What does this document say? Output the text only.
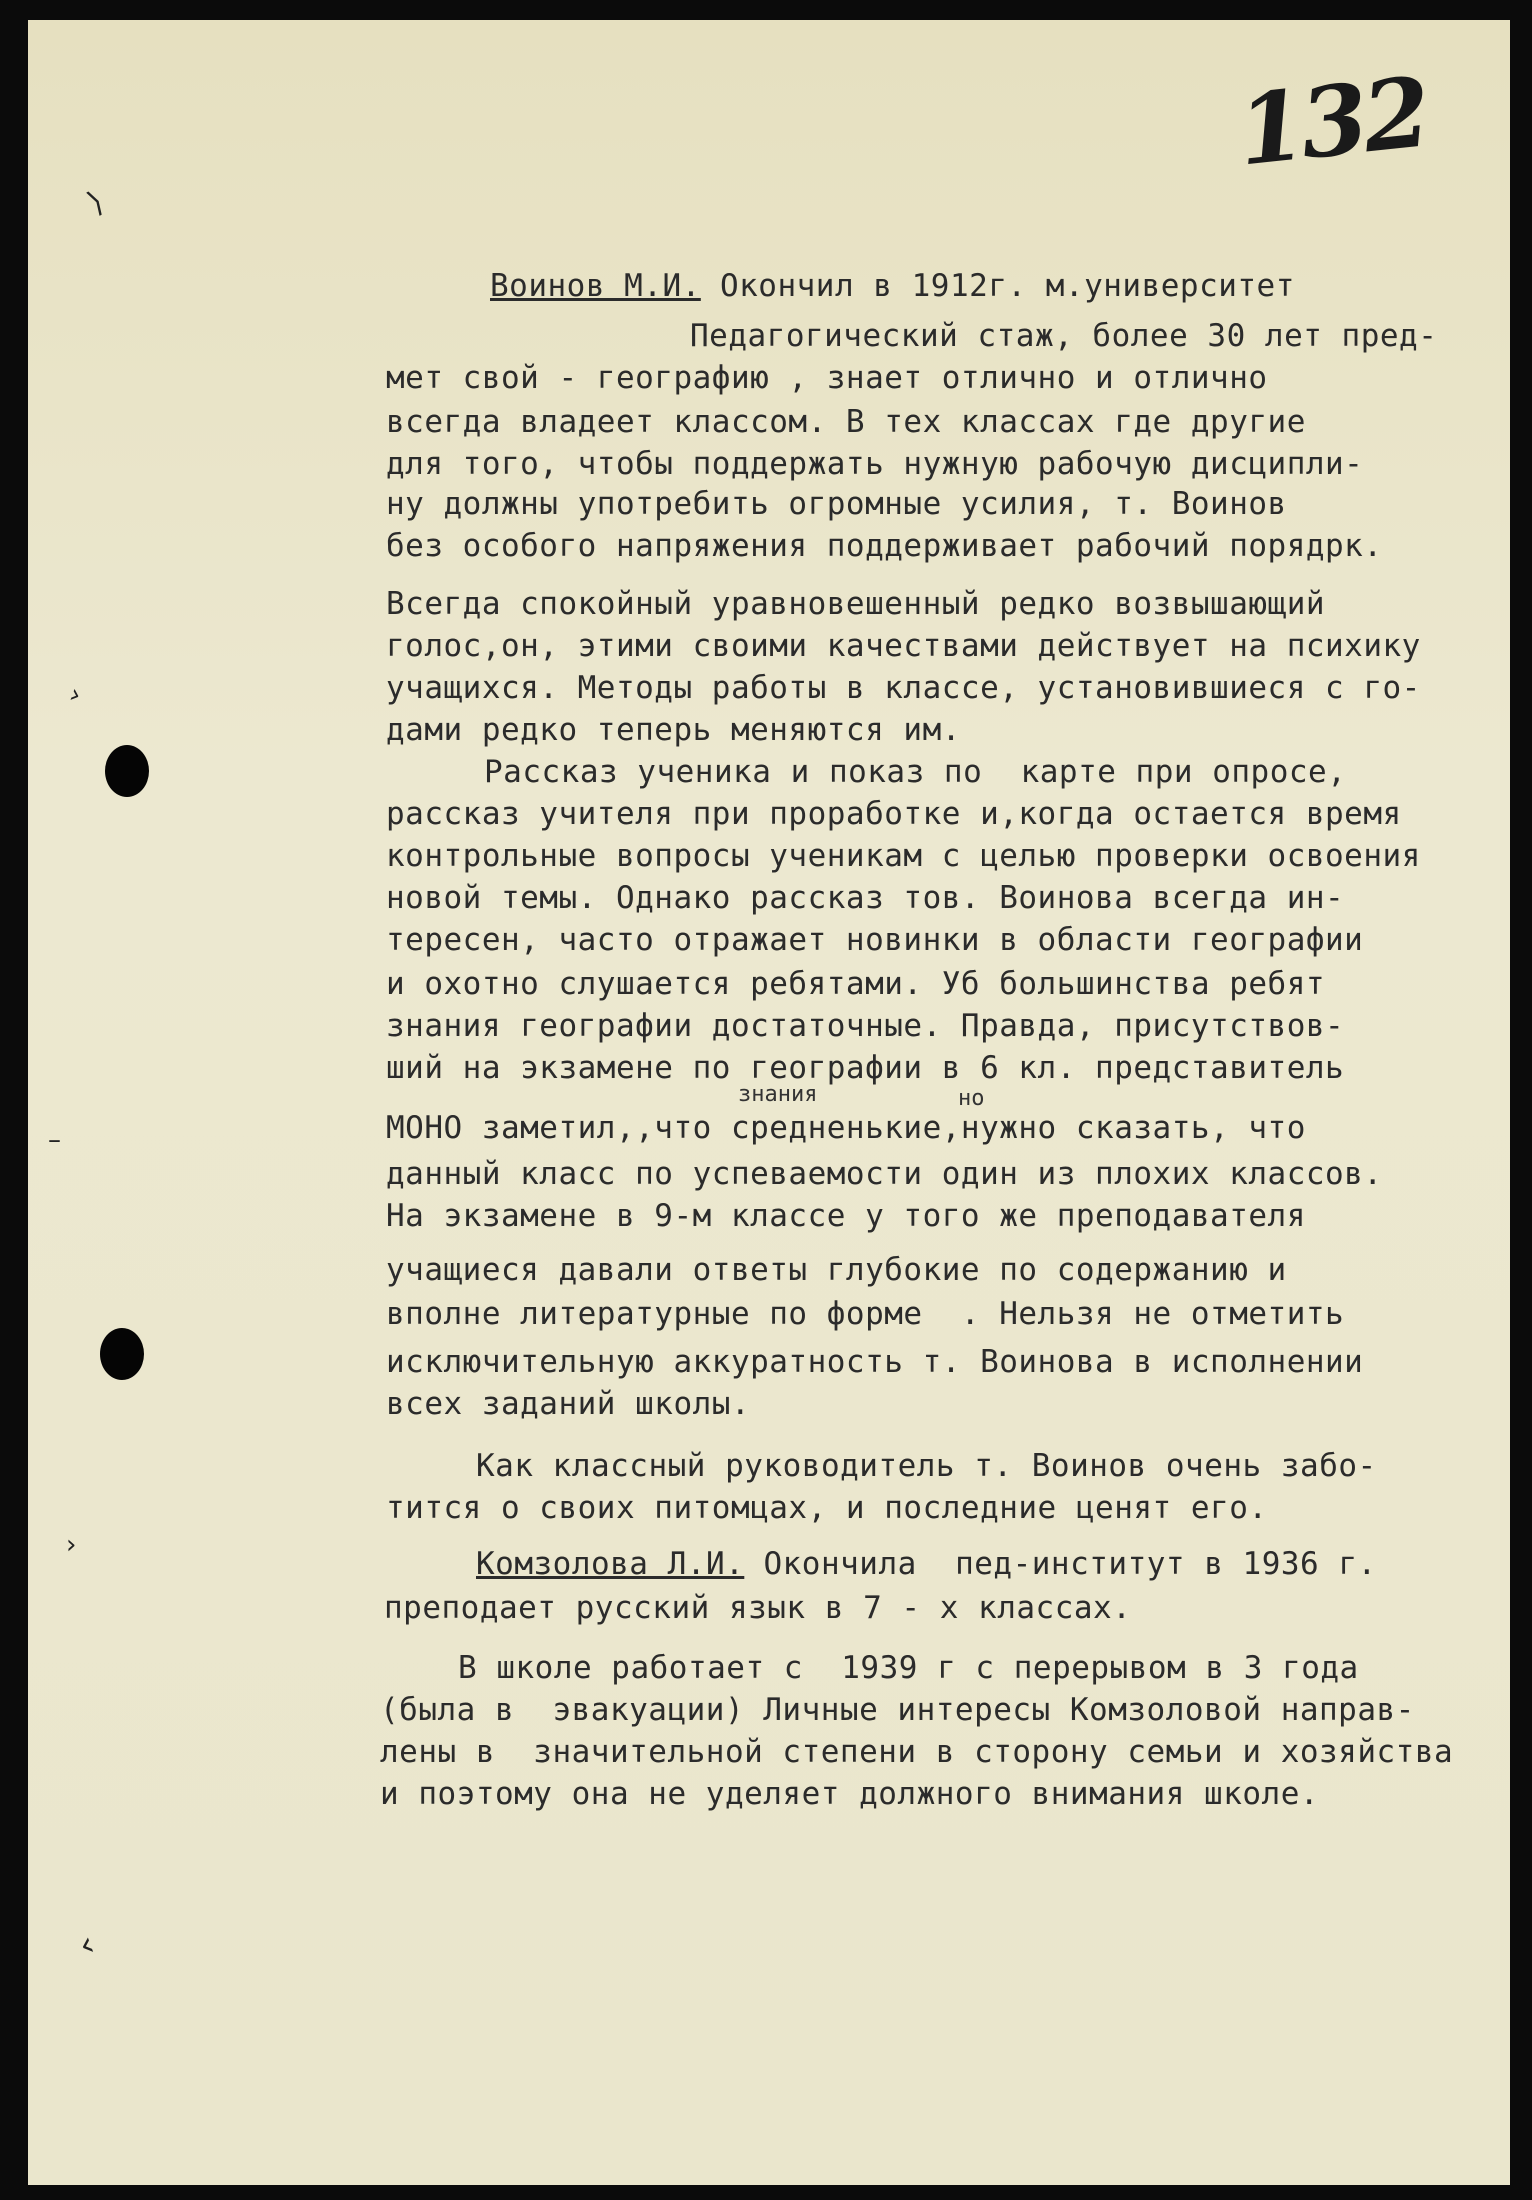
132
⟩
›
–
›
‹

Воинов М.И. Окончил в 1912г. м.университет

Педагогический стаж, более 30 лет пред-

мет свой - географию , знает отлично и отлично

всегда владеет классом. В тех классах где другие

для того, чтобы поддержать нужную рабочую дисципли-

ну должны употребить огромные усилия, т. Воинов

без особого напряжения поддерживает рабочий порядрк.

Всегда спокойный уравновешенный редко возвышающий

голос,он, этими своими качествами действует на психику

учащихся. Методы работы в классе, установившиеся с го-

дами редко теперь меняются им.

Рассказ ученика и показ по  карте при опросе,

рассказ учителя при проработке и,когда остается время

контрольные вопросы ученикам с целью проверки освоения

новой темы. Однако рассказ тов. Воинова всегда ин-

тересен, часто отражает новинки в области географии

и охотно слушается ребятами. Уб большинства ребят

знания географии достаточные. Правда, присутствов-

ший на экзамене по географии в 6 кл. представитель

знания	но

МОНО заметил,,что средненькие,нужно сказать, что

данный класс по успеваемости один из плохих классов.

На экзамене в 9-м классе у того же преподавателя

учащиеся давали ответы глубокие по содержанию и

вполне литературные по форме  . Нельзя не отметить

исключительную аккуратность т. Воинова в исполнении

всех заданий школы.

Как классный руководитель т. Воинов очень забо-

тится о своих питомцах, и последние ценят его.

Комзолова Л.И. Окончила  пед-институт в 1936 г.

преподает русский язык в 7 - х классах.

В школе работает с  1939 г с перерывом в 3 года

(была в  эвакуации) Личные интересы Комзоловой направ-

лены в  значительной степени в сторону семьи и хозяйства

и поэтому она не уделяет должного внимания школе.
